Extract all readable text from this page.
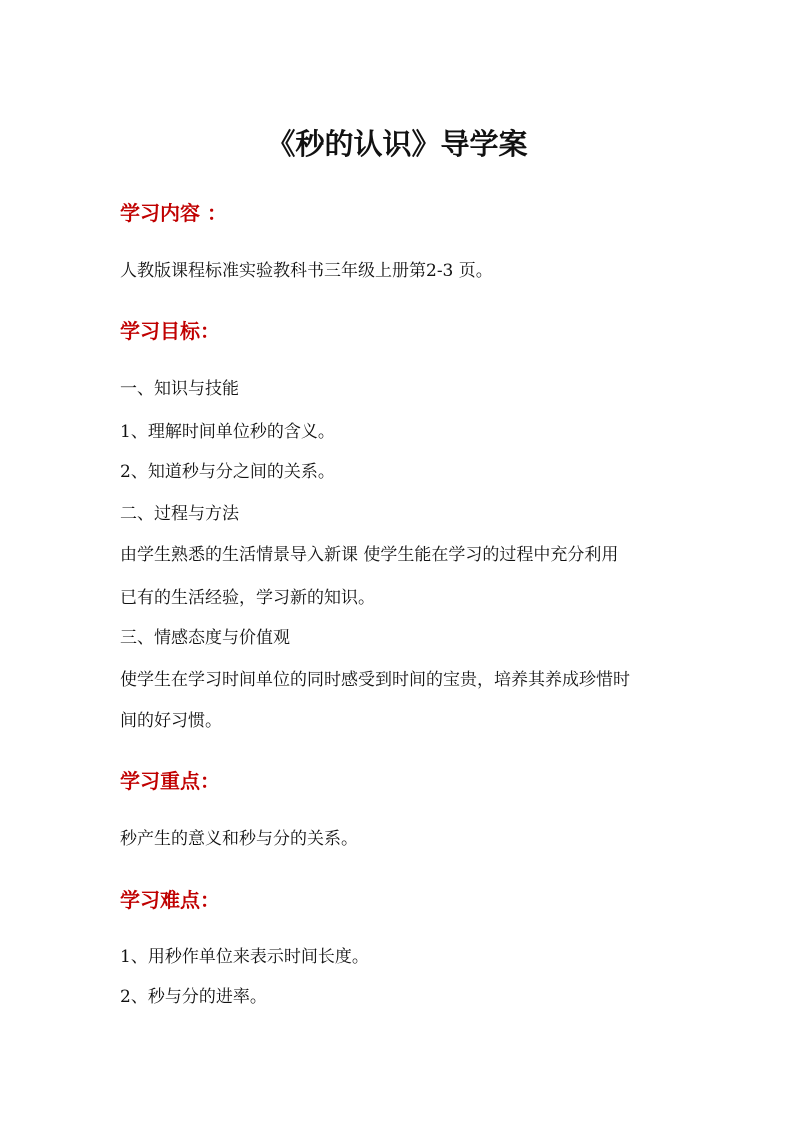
《秒的认识》导学案
学习内容 ：
人教版课程标准实验教科书三年级上册第2-3 页。
学习目标：
一、知识与技能
1、理解时间单位秒的含义。
2、知道秒与分之间的关系。
二、过程与方法
由学生熟悉的生活情景导入新课 使学生能在学习的过程中充分利用
已有的生活经验，学习新的知识。
三、情感态度与价值观
使学生在学习时间单位的同时感受到时间的宝贵，培养其养成珍惜时
间的好习惯。
学习重点：
秒产生的意义和秒与分的关系。
学习难点：
1、用秒作单位来表示时间长度。
2、秒与分的进率。
